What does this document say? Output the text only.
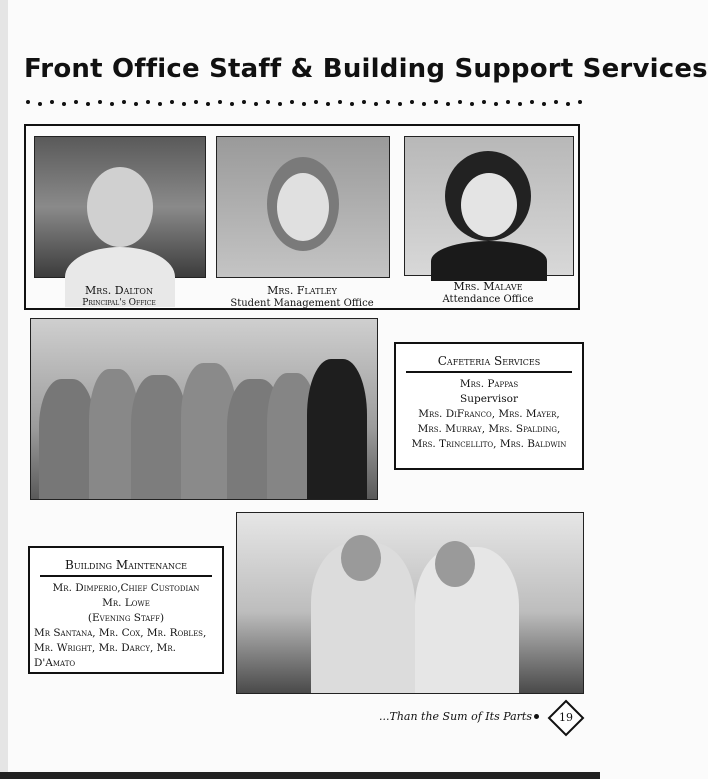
Front Office Staff & Building Support Services
Mrs. Dalton
Principal's Office
Mrs. Flatley
Student Management Office
Mrs. Malave
Attendance Office
Cafeteria Services
Mrs. Pappas
Supervisor
Mrs. DiFranco, Mrs. Mayer,
Mrs. Murray, Mrs. Spalding,
Mrs. Trincellito, Mrs. Baldwin
Building Maintenance
Mr. Dimperio,Chief Custodian
Mr. Lowe
(Evening Staff)
Mr Santana, Mr. Cox, Mr. Robles,
Mr. Wright, Mr. Darcy, Mr.
D'Amato
...Than the Sum of Its Parts	19
